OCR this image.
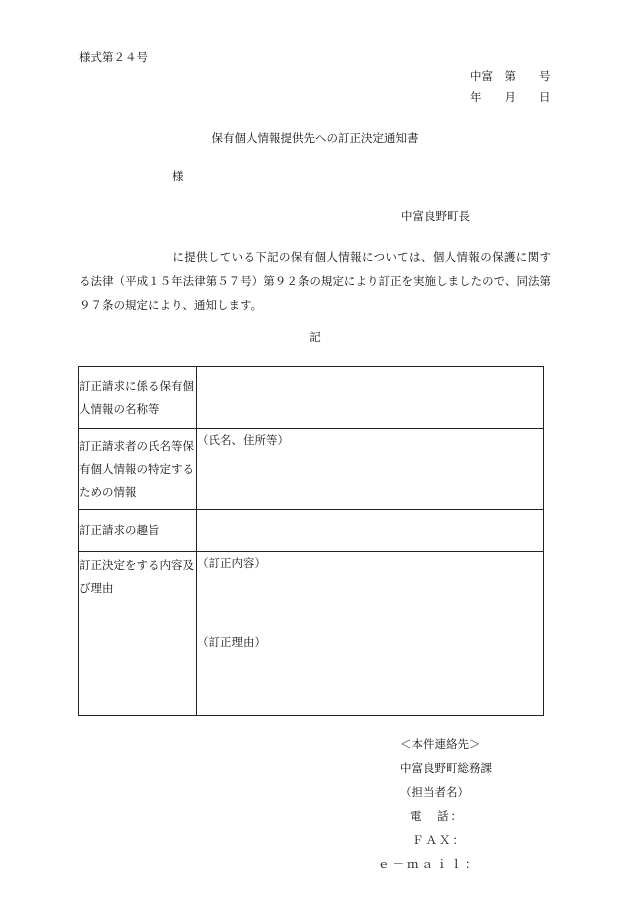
様式第２４号
中富　第　　号
年　　月　　日
保有個人情報提供先への訂正決定通知書
様
中富良野町長
に提供している下記の保有個人情報については、個人情報の保護に関する法律（平成１５年法律第５７号）第９２条の規定により訂正を実施しましたので、同法第９７条の規定により、通知します。
記
訂正請求に係る保有個人情報の名称等	
訂正請求者の氏名等保有個人情報の特定するための情報	（氏名、住所等）
訂正請求の趣旨	
訂正決定をする内容及び理由	（訂正内容）
（訂正理由）
＜本件連絡先＞
中富良野町総務課
（担当者名）
電　話：
ＦＡＸ：
ｅ－ｍａｉｌ：
